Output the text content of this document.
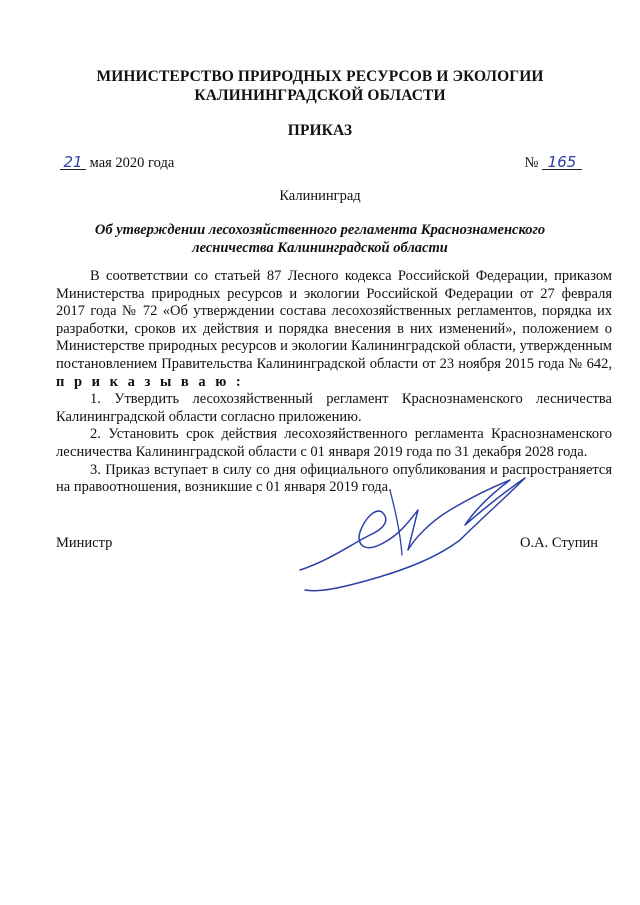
МИНИСТЕРСТВО ПРИРОДНЫХ РЕСУРСОВ И ЭКОЛОГИИ
КАЛИНИНГРАДСКОЙ ОБЛАСТИ
ПРИКАЗ
21 мая 2020 года	№ 165
Калининград
Об утверждении лесохозяйственного регламента Краснознаменского
лесничества Калининградской области

В соответствии со статьей 87 Лесного кодекса Российской Федерации, приказом Министерства природных ресурсов и экологии Российской Федерации от 27 февраля 2017 года № 72 «Об утверждении состава лесохозяйственных регламентов, порядка их разработки, сроков их действия и порядка внесения в них изменений», положением о Министерстве природных ресурсов и экологии Калининградской области, утвержденным постановлением Правительства Калининградской области от 23 ноября 2015 года № 642, п р и к а з ы в а ю :

1. Утвердить лесохозяйственный регламент Краснознаменского лесничества Калининградской области согласно приложению.

2. Установить срок действия лесохозяйственного регламента Краснознаменского лесничества Калининградской области с 01 января 2019 года по 31 декабря 2028 года.

3. Приказ вступает в силу со дня официального опубликования и распространяется на правоотношения, возникшие с 01 января 2019 года.

Министр	О.А. Ступин
